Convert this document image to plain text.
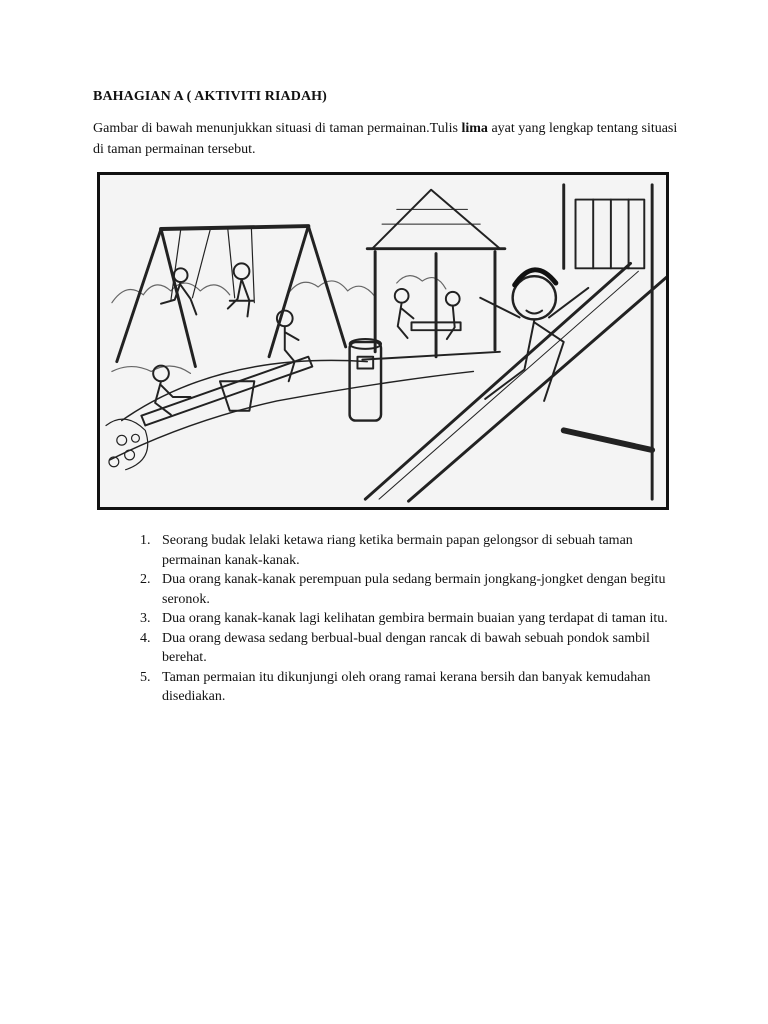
BAHAGIAN A ( AKTIVITI RIADAH)

Gambar di bawah menunjukkan situasi di taman permainan.Tulis lima ayat yang lengkap tentang situasi di taman permainan tersebut.

1. Seorang budak lelaki ketawa riang ketika bermain papan gelongsor di sebuah taman permainan kanak-kanak.
2. Dua orang kanak-kanak perempuan pula sedang bermain jongkang-jongket dengan begitu seronok.
3. Dua orang kanak-kanak lagi kelihatan gembira bermain buaian yang terdapat di taman itu.
4. Dua orang dewasa sedang berbual-bual dengan rancak di bawah sebuah pondok sambil berehat.
5. Taman permaian itu dikunjungi oleh orang ramai kerana bersih dan banyak kemudahan disediakan.
